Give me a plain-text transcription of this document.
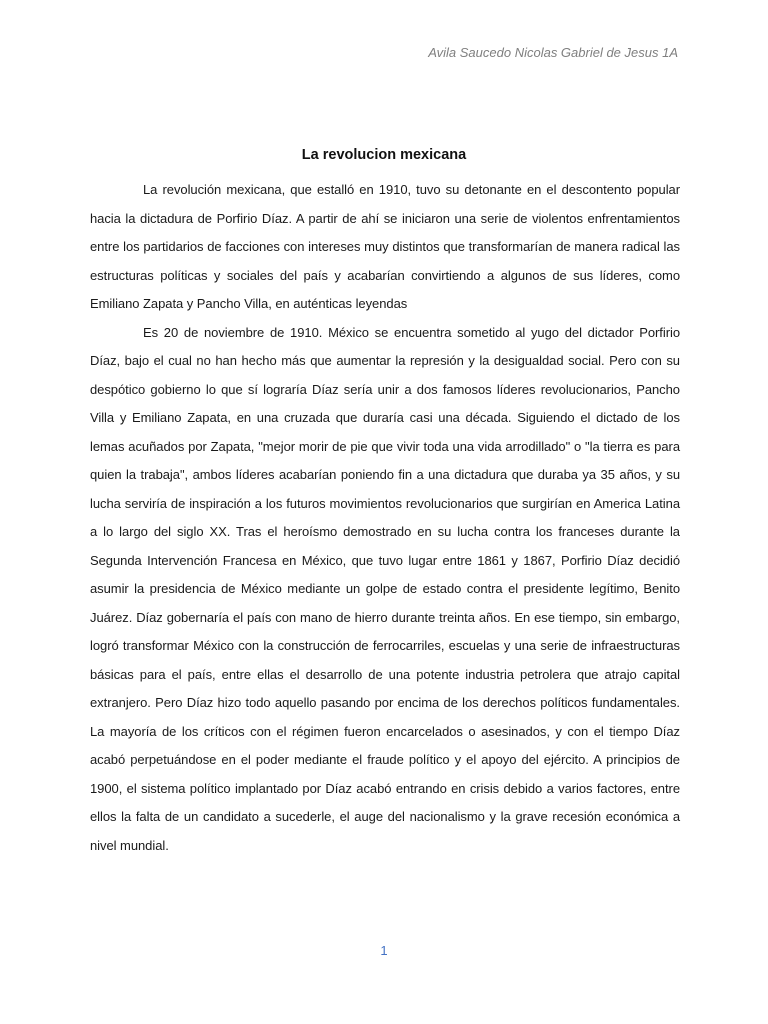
Avila Saucedo Nicolas Gabriel de Jesus 1A
La revolucion mexicana

La revolución mexicana, que estalló en 1910, tuvo su detonante en el descontento popular hacia la dictadura de Porfirio Díaz. A partir de ahí se iniciaron una serie de violentos enfrentamientos entre los partidarios de facciones con intereses muy distintos que transformarían de manera radical las estructuras políticas y sociales del país y acabarían convirtiendo a algunos de sus líderes, como Emiliano Zapata y Pancho Villa, en auténticas leyendas

Es 20 de noviembre de 1910. México se encuentra sometido al yugo del dictador Porfirio Díaz, bajo el cual no han hecho más que aumentar la represión y la desigualdad social. Pero con su despótico gobierno lo que sí lograría Díaz sería unir a dos famosos líderes revolucionarios, Pancho Villa y Emiliano Zapata, en una cruzada que duraría casi una década. Siguiendo el dictado de los lemas acuñados por Zapata, "mejor morir de pie que vivir toda una vida arrodillado" o "la tierra es para quien la trabaja", ambos líderes acabarían poniendo fin a una dictadura que duraba ya 35 años, y su lucha serviría de inspiración a los futuros movimientos revolucionarios que surgirían en America Latina a lo largo del siglo XX. Tras el heroísmo demostrado en su lucha contra los franceses durante la Segunda Intervención Francesa en México, que tuvo lugar entre 1861 y 1867, Porfirio Díaz decidió asumir la presidencia de México mediante un golpe de estado contra el presidente legítimo, Benito Juárez. Díaz gobernaría el país con mano de hierro durante treinta años. En ese tiempo, sin embargo, logró transformar México con la construcción de ferrocarriles, escuelas y una serie de infraestructuras básicas para el país, entre ellas el desarrollo de una potente industria petrolera que atrajo capital extranjero. Pero Díaz hizo todo aquello pasando por encima de los derechos políticos fundamentales. La mayoría de los críticos con el régimen fueron encarcelados o asesinados, y con el tiempo Díaz acabó perpetuándose en el poder mediante el fraude político y el apoyo del ejército. A principios de 1900, el sistema político implantado por Díaz acabó entrando en crisis debido a varios factores, entre ellos la falta de un candidato a sucederle, el auge del nacionalismo y la grave recesión económica a nivel mundial.

1
